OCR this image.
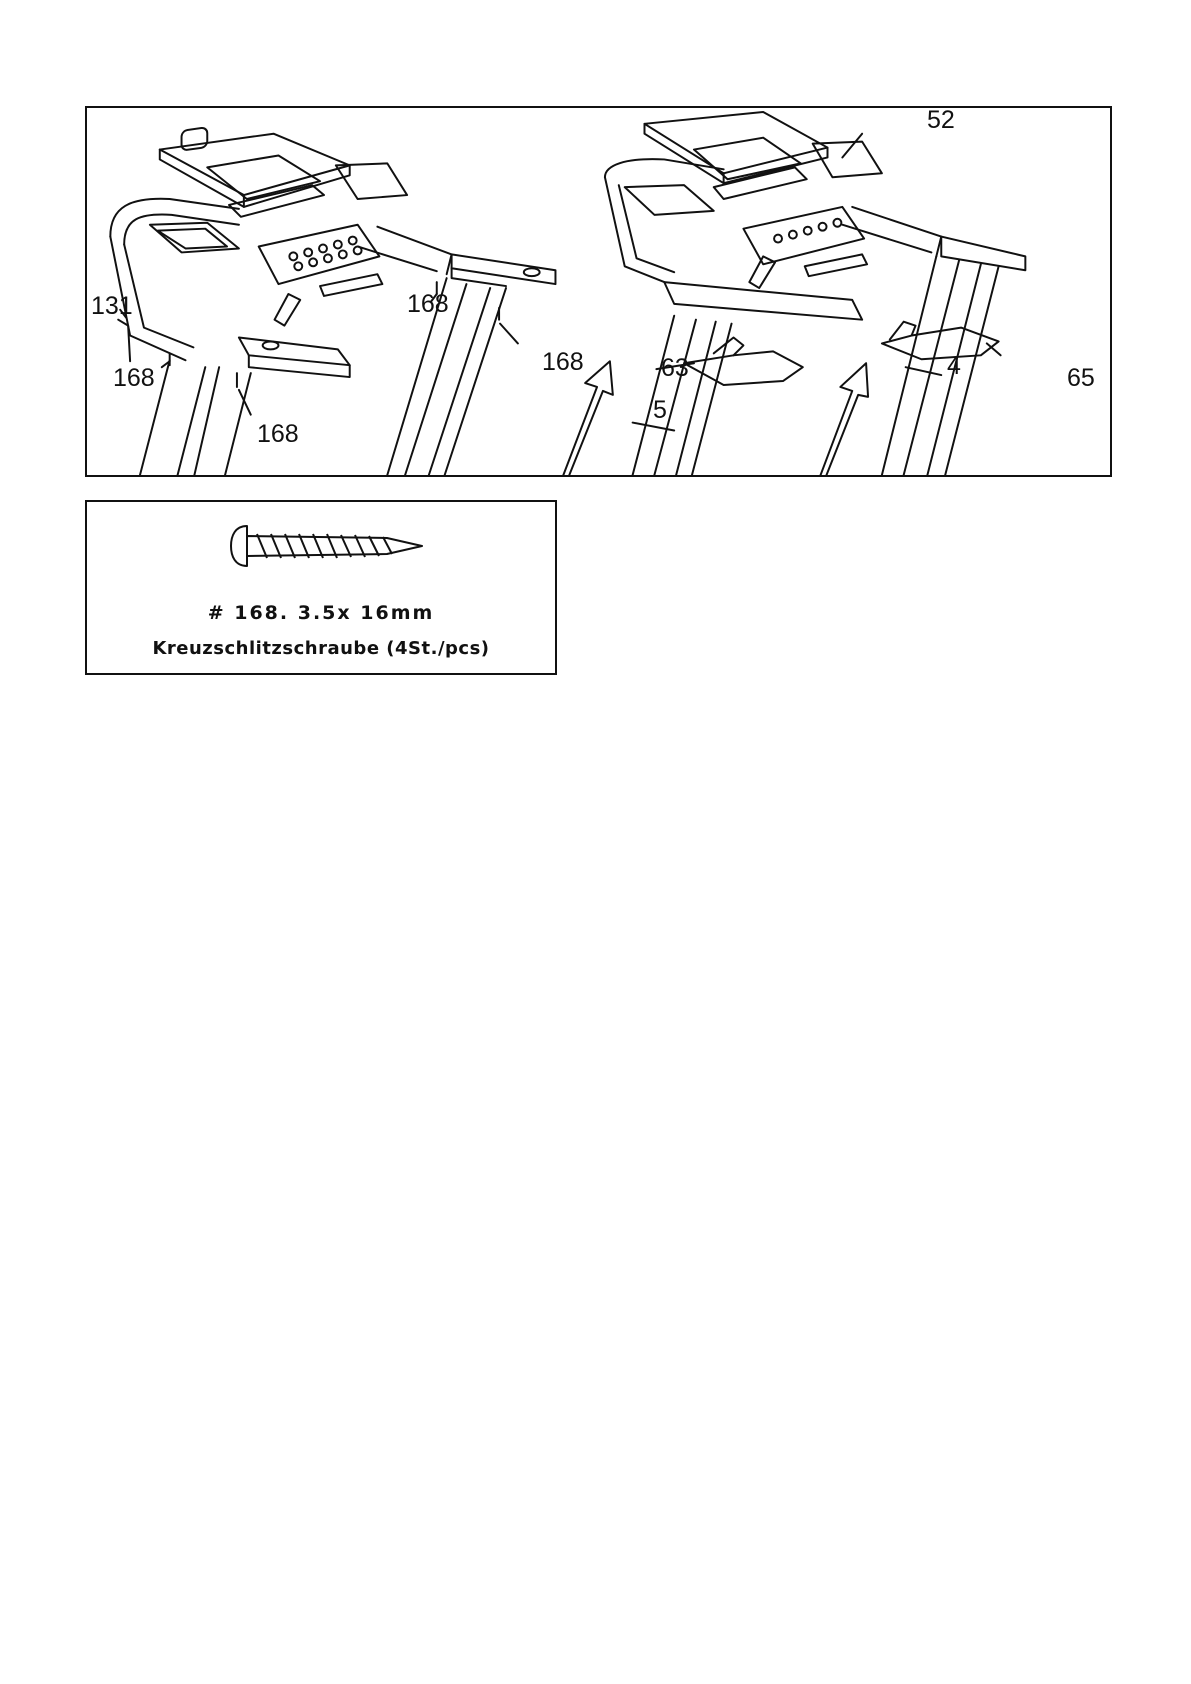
131
168
168
168
168
52
63
5
4	65
# 168. 3.5x 16mm
Kreuzschlitzschraube (4St./pcs)
